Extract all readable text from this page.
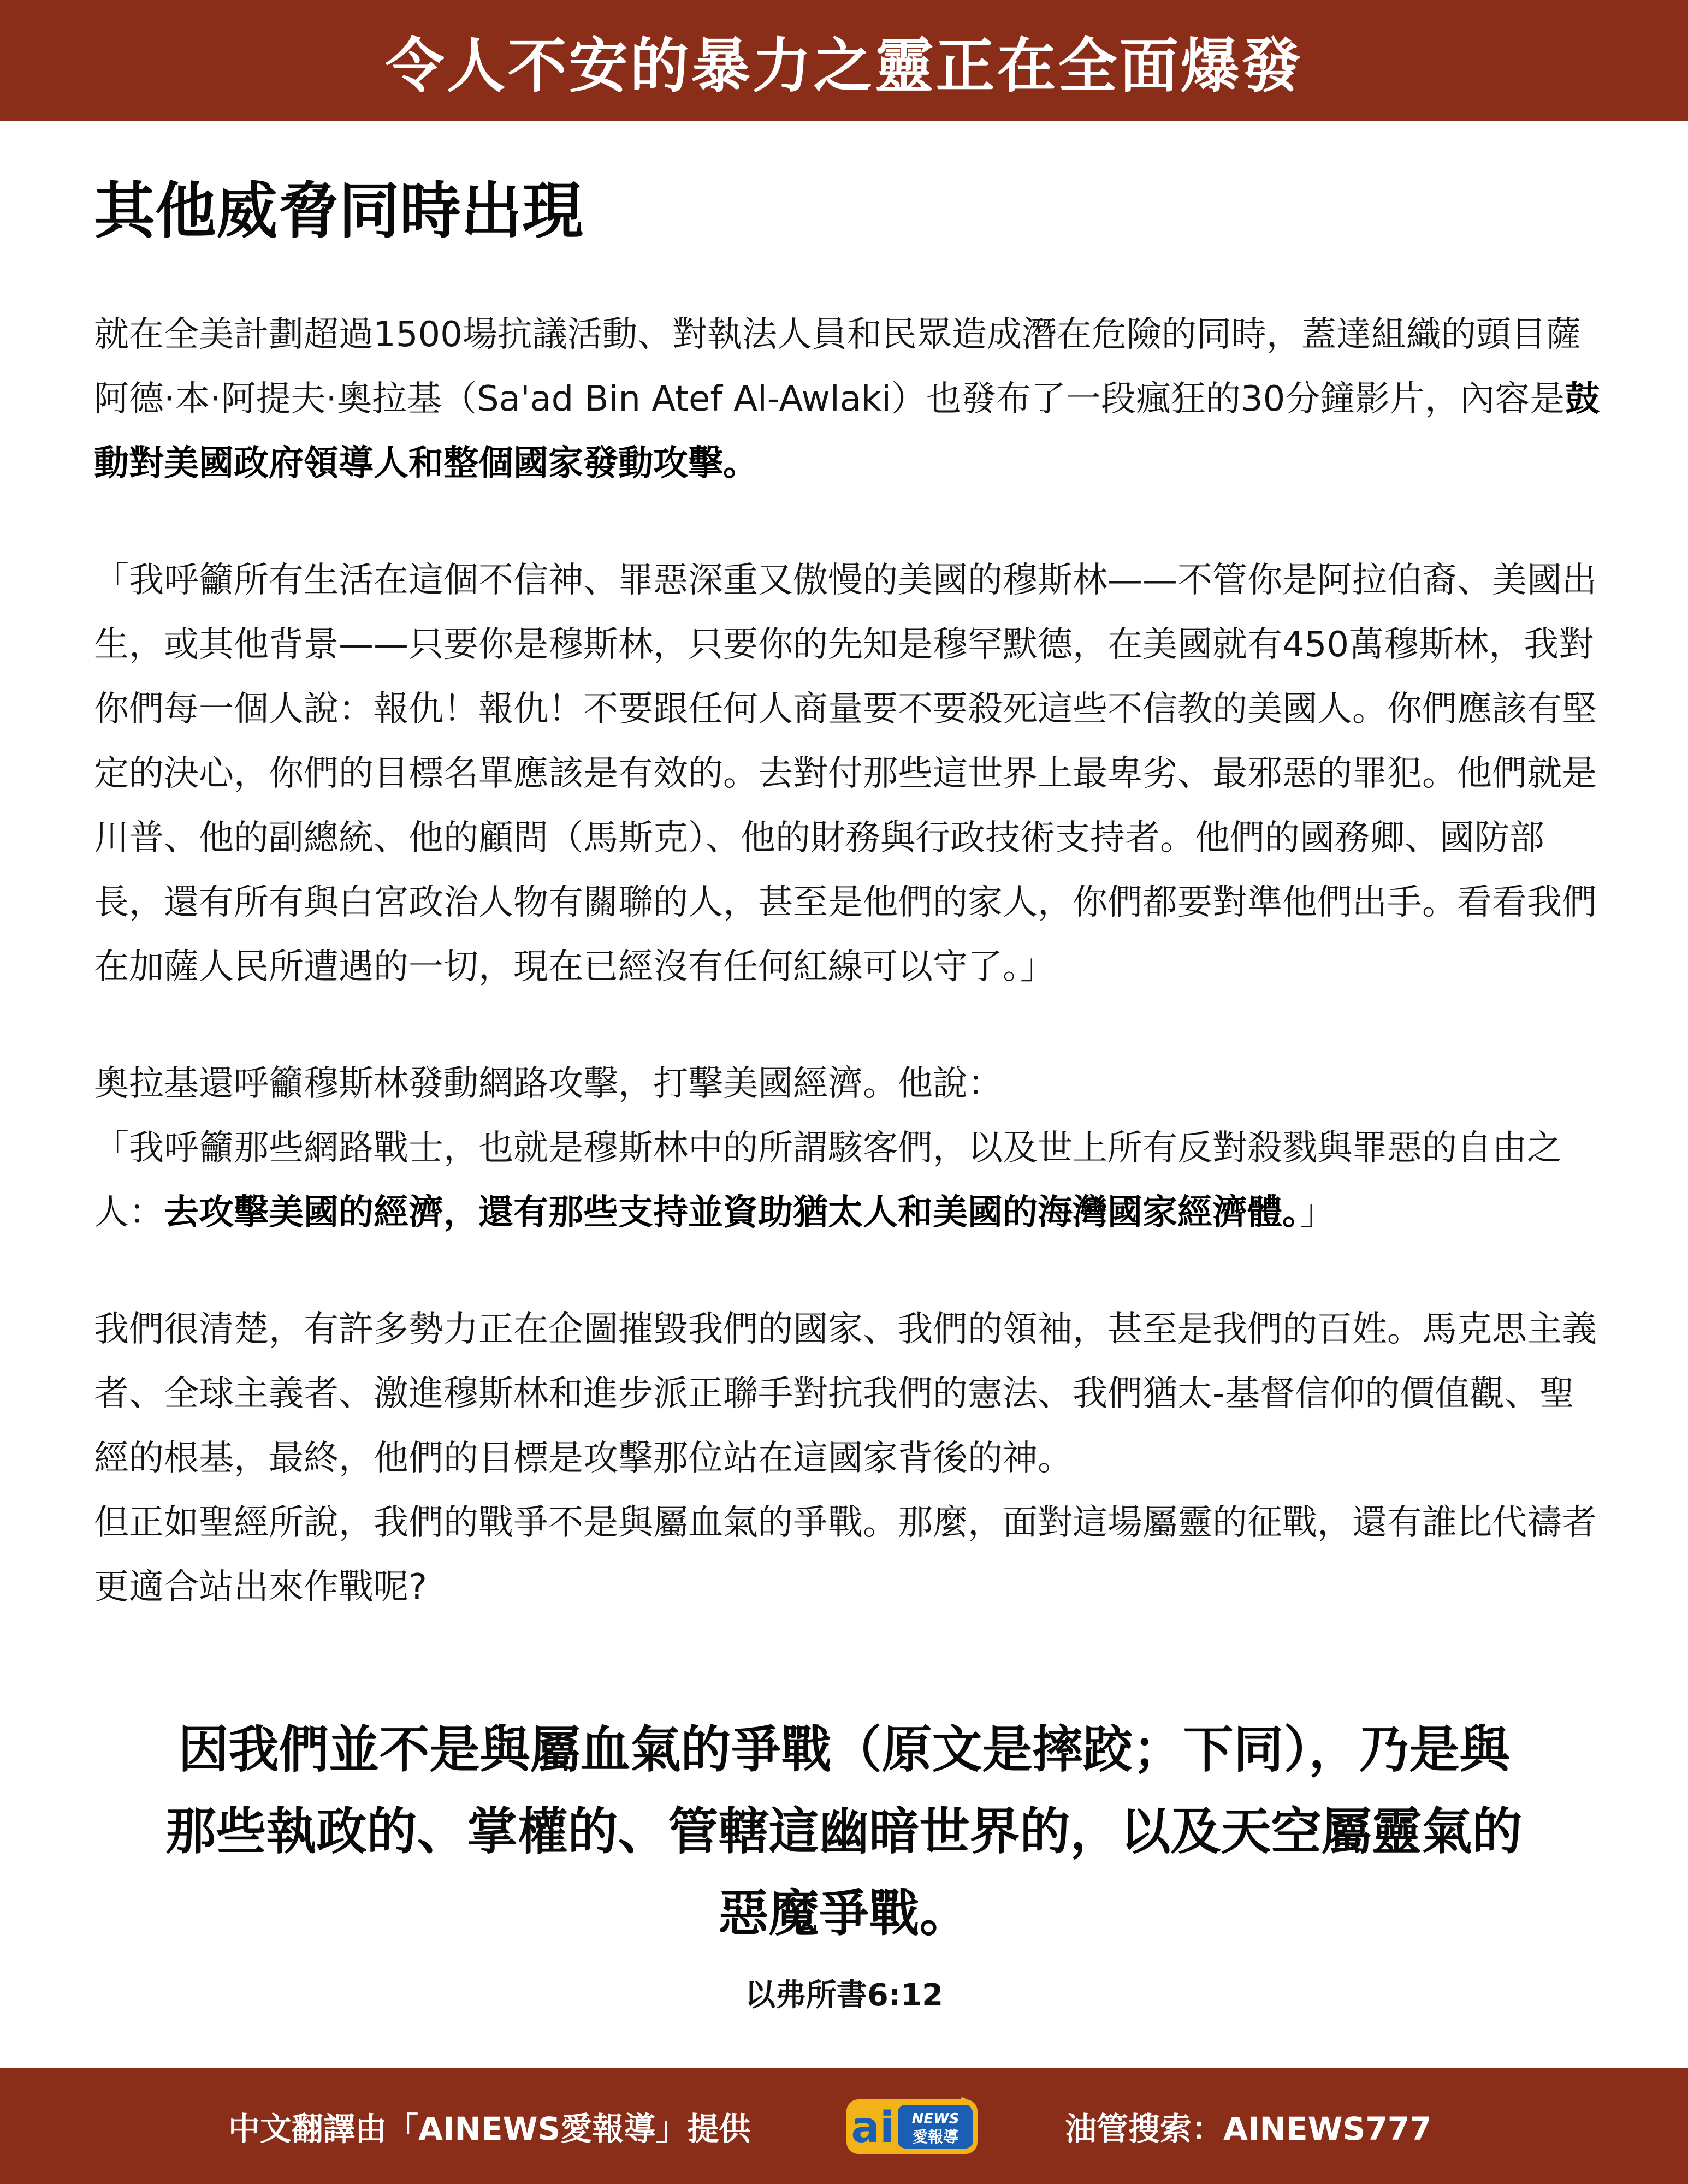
令人不安的暴力之靈正在全面爆發
其他威脅同時出現

就在全美計劃超過1500場抗議活動、對執法人員和民眾造成潛在危險的同時，蓋達組織的頭目薩阿德·本·阿提夫·奧拉基（Sa'ad Bin Atef Al-Awlaki）也發布了一段瘋狂的30分鐘影片，內容是鼓動對美國政府領導人和整個國家發動攻擊。

「我呼籲所有生活在這個不信神、罪惡深重又傲慢的美國的穆斯林——不管你是阿拉伯裔、美國出生，或其他背景——只要你是穆斯林，只要你的先知是穆罕默德，在美國就有450萬穆斯林，我對你們每一個人說：報仇！報仇！不要跟任何人商量要不要殺死這些不信教的美國人。你們應該有堅定的決心，你們的目標名單應該是有效的。去對付那些這世界上最卑劣、最邪惡的罪犯。他們就是川普、他的副總統、他的顧問（馬斯克）、他的財務與行政技術支持者。他們的國務卿、國防部長，還有所有與白宮政治人物有關聯的人，甚至是他們的家人，你們都要對準他們出手。看看我們在加薩人民所遭遇的一切，現在已經沒有任何紅線可以守了。」

奧拉基還呼籲穆斯林發動網路攻擊，打擊美國經濟。他說：
「我呼籲那些網路戰士，也就是穆斯林中的所謂駭客們，以及世上所有反對殺戮與罪惡的自由之人：去攻擊美國的經濟，還有那些支持並資助猶太人和美國的海灣國家經濟體。」

我們很清楚，有許多勢力正在企圖摧毀我們的國家、我們的領袖，甚至是我們的百姓。馬克思主義者、全球主義者、激進穆斯林和進步派正聯手對抗我們的憲法、我們猶太-基督信仰的價值觀、聖經的根基，最終，他們的目標是攻擊那位站在這國家背後的神。
但正如聖經所說，我們的戰爭不是與屬血氣的爭戰。那麼，面對這場屬靈的征戰，還有誰比代禱者更適合站出來作戰呢?

因我們並不是與屬血氣的爭戰（原文是摔跤；下同），乃是與那些執政的、掌權的、管轄這幽暗世界的，以及天空屬靈氣的惡魔爭戰。
以弗所書6:12
中文翻譯由「AINEWS愛報導」提供 ai NEWS
愛報導	油管搜索：AINEWS777
